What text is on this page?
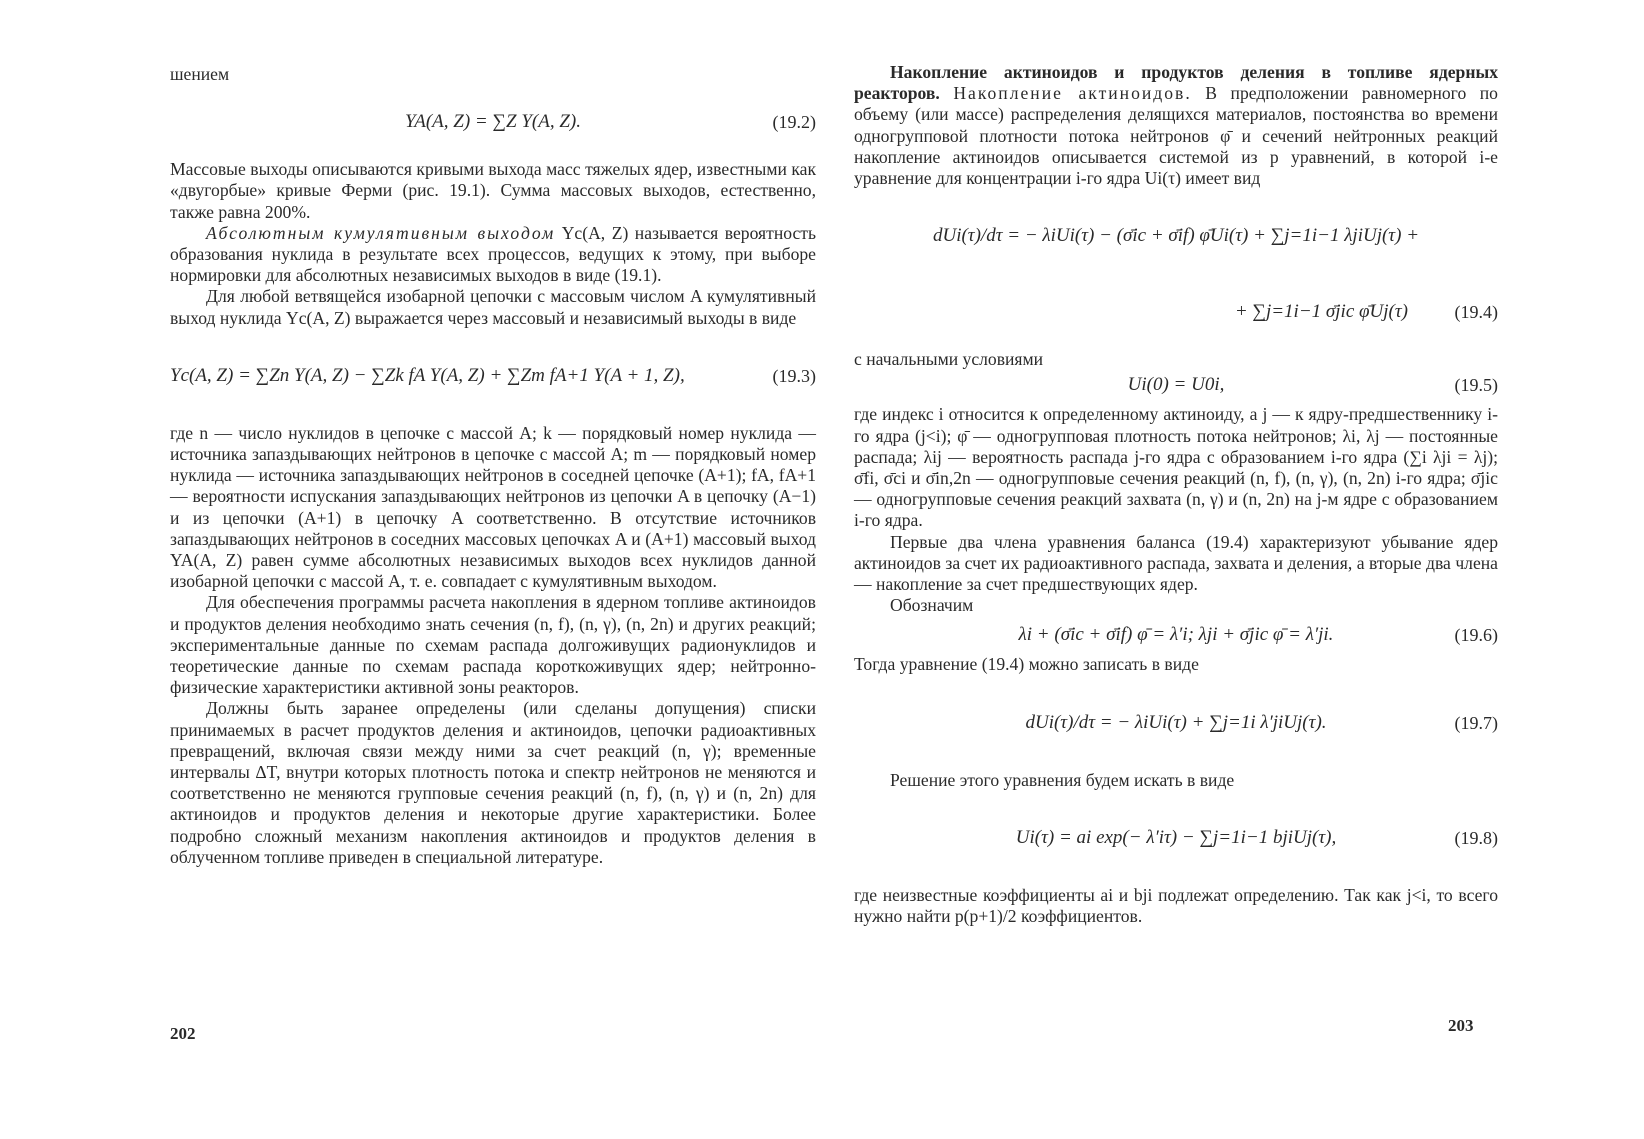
шением

YA(A, Z) = ∑Z Y(A, Z).	(19.2)

Массовые выходы описываются кривыми выхода масс тяжелых ядер, известными как «двугорбые» кривые Ферми (рис. 19.1). Сумма массовых выходов, естественно, также равна 200%.

Абсолютным кумулятивным выходом Yc(A, Z) называется вероятность образования нуклида в результате всех процессов, ведущих к этому, при выборе нормировки для абсолютных независимых выходов в виде (19.1).

Для любой ветвящейся изобарной цепочки с массовым числом A кумулятивный выход нуклида Yc(A, Z) выражается через массовый и независимый выходы в виде

Yc(A, Z) = ∑Zn Y(A, Z) − ∑Zk fA Y(A, Z) + ∑Zm fA+1 Y(A + 1, Z),	(19.3)

где n — число нуклидов в цепочке с массой A; k — порядковый номер нуклида — источника запаздывающих нейтронов в цепочке с массой A; m — порядковый номер нуклида — источника запаздывающих нейтронов в соседней цепочке (A+1); fA, fA+1 — вероятности испускания запаздывающих нейтронов из цепочки A в цепочку (A−1) и из цепочки (A+1) в цепочку A соответственно. В отсутствие источников запаздывающих нейтронов в соседних массовых цепочках A и (A+1) массовый выход YA(A, Z) равен сумме абсолютных независимых выходов всех нуклидов данной изобарной цепочки с массой A, т. е. совпадает с кумулятивным выходом.

Для обеспечения программы расчета накопления в ядерном топливе актиноидов и продуктов деления необходимо знать сечения (n, f), (n, γ), (n, 2n) и других реакций; экспериментальные данные по схемам распада долгоживущих радионуклидов и теоретические данные по схемам распада короткоживущих ядер; нейтронно-физические характеристики активной зоны реакторов.

Должны быть заранее определены (или сделаны допущения) списки принимаемых в расчет продуктов деления и актиноидов, цепочки радиоактивных превращений, включая связи между ними за счет реакций (n, γ); временные интервалы ΔT, внутри которых плотность потока и спектр нейтронов не меняются и соответственно не меняются групповые сечения реакций (n, f), (n, γ) и (n, 2n) для актиноидов и продуктов деления и некоторые другие характеристики. Более подробно сложный механизм накопления актиноидов и продуктов деления в облученном топливе приведен в специальной литературе.

202

Накопление актиноидов и продуктов деления в топливе ядерных реакторов. Накопление актиноидов. В предположении равномерного по объему (или массе) распределения делящихся материалов, постоянства во времени одногрупповой плотности потока нейтронов φ̄ и сечений нейтронных реакций накопление актиноидов описывается системой из p уравнений, в которой i-е уравнение для концентрации i-го ядра Ui(τ) имеет вид

dUi(τ)/dτ = − λiUi(τ) − (σ̄ic + σ̄if) φ̄Ui(τ) + ∑j=1i−1 λjiUj(τ) +
+ ∑j=1i−1 σ̄jic φ̄Uj(τ)	(19.4)

с начальными условиями

Ui(0) = U0i,	(19.5)

где индекс i относится к определенному актиноиду, а j — к ядру-предшественнику i-го ядра (j<i); φ̄ — одногрупповая плотность потока нейтронов; λi, λj — постоянные распада; λij — вероятность распада j-го ядра с образованием i-го ядра (∑i λji = λj); σ̄fi, σ̄ci и σ̄in,2n — одногрупповые сечения реакций (n, f), (n, γ), (n, 2n) i-го ядра; σ̄jic — одногрупповые сечения реакций захвата (n, γ) и (n, 2n) на j-м ядре с образованием i-го ядра.

Первые два члена уравнения баланса (19.4) характеризуют убывание ядер актиноидов за счет их радиоактивного распада, захвата и деления, а вторые два члена — накопление за счет предшествующих ядер.

Обозначим

λi + (σ̄ic + σ̄if) φ̄ = λ′i; λji + σ̄jic φ̄ = λ′ji.	(19.6)

Тогда уравнение (19.4) можно записать в виде

dUi(τ)/dτ = − λiUi(τ) + ∑j=1i λ′jiUj(τ).	(19.7)

Решение этого уравнения будем искать в виде

Ui(τ) = ai exp(− λ′iτ) − ∑j=1i−1 bjiUj(τ),	(19.8)

где неизвестные коэффициенты ai и bji подлежат определению. Так как j<i, то всего нужно найти p(p+1)/2 коэффициентов.

203
